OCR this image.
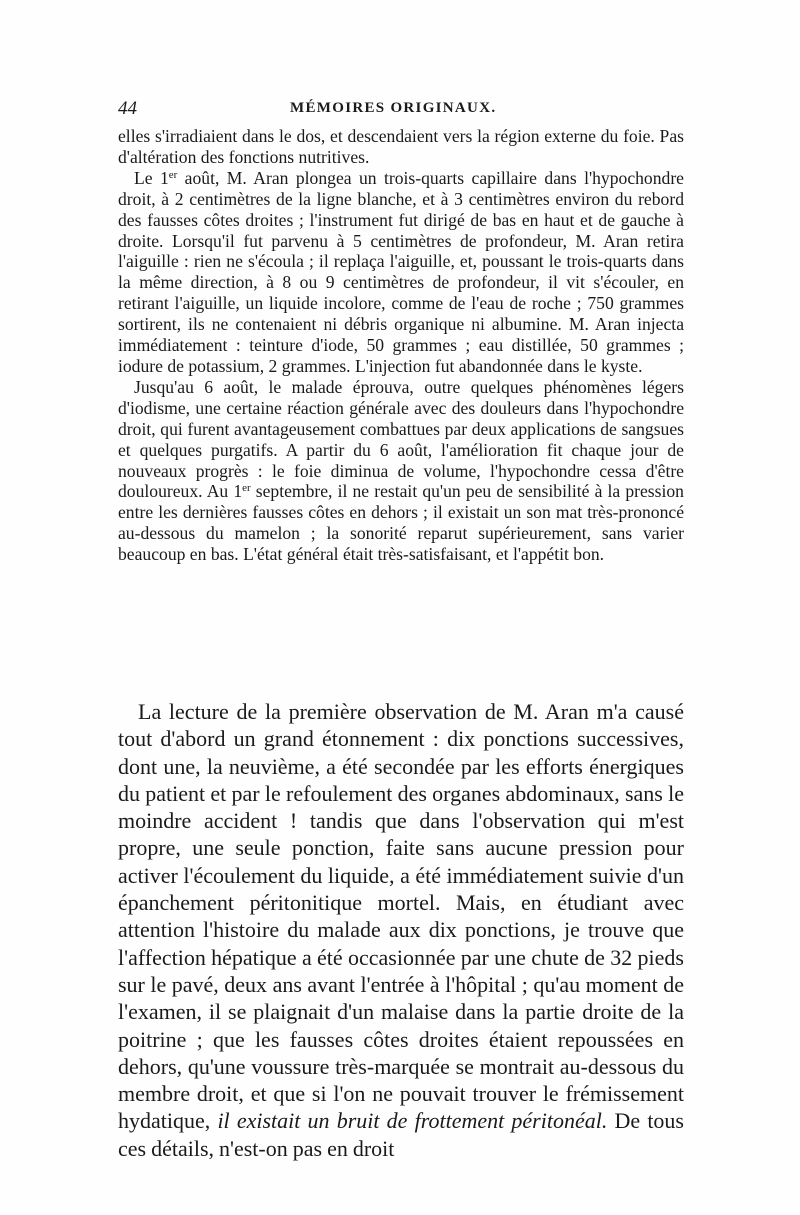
44	MÉMOIRES ORIGINAUX.

elles s'irradiaient dans le dos, et descendaient vers la région externe du foie. Pas d'altération des fonctions nutritives.

Le 1er août, M. Aran plongea un trois-quarts capillaire dans l'hypochondre droit, à 2 centimètres de la ligne blanche, et à 3 centimètres environ du rebord des fausses côtes droites ; l'instrument fut dirigé de bas en haut et de gauche à droite. Lorsqu'il fut parvenu à 5 centimètres de profondeur, M. Aran retira l'aiguille : rien ne s'écoula ; il replaça l'aiguille, et, poussant le trois-quarts dans la même direction, à 8 ou 9 centimètres de profondeur, il vit s'écouler, en retirant l'aiguille, un liquide incolore, comme de l'eau de roche ; 750 grammes sortirent, ils ne contenaient ni débris organique ni albumine. M. Aran injecta immédiatement : teinture d'iode, 50 grammes ; eau distillée, 50 grammes ; iodure de potassium, 2 grammes. L'injection fut abandonnée dans le kyste.

Jusqu'au 6 août, le malade éprouva, outre quelques phénomènes légers d'iodisme, une certaine réaction générale avec des douleurs dans l'hypochondre droit, qui furent avantageusement combattues par deux applications de sangsues et quelques purgatifs. A partir du 6 août, l'amélioration fit chaque jour de nouveaux progrès : le foie diminua de volume, l'hypochondre cessa d'être douloureux. Au 1er septembre, il ne restait qu'un peu de sensibilité à la pression entre les dernières fausses côtes en dehors ; il existait un son mat très-prononcé au-dessous du mamelon ; la sonorité reparut supérieurement, sans varier beaucoup en bas. L'état général était très-satisfaisant, et l'appétit bon.

La lecture de la première observation de M. Aran m'a causé tout d'abord un grand étonnement : dix ponctions successives, dont une, la neuvième, a été secondée par les efforts énergiques du patient et par le refoulement des organes abdominaux, sans le moindre accident ! tandis que dans l'observation qui m'est propre, une seule ponction, faite sans aucune pression pour activer l'écoulement du liquide, a été immédiatement suivie d'un épanchement péritonitique mortel. Mais, en étudiant avec attention l'histoire du malade aux dix ponctions, je trouve que l'affection hépatique a été occasionnée par une chute de 32 pieds sur le pavé, deux ans avant l'entrée à l'hôpital ; qu'au moment de l'examen, il se plaignait d'un malaise dans la partie droite de la poitrine ; que les fausses côtes droites étaient repoussées en dehors, qu'une voussure très-marquée se montrait au-dessous du membre droit, et que si l'on ne pouvait trouver le frémissement hydatique, il existait un bruit de frottement péritonéal. De tous ces détails, n'est-on pas en droit
